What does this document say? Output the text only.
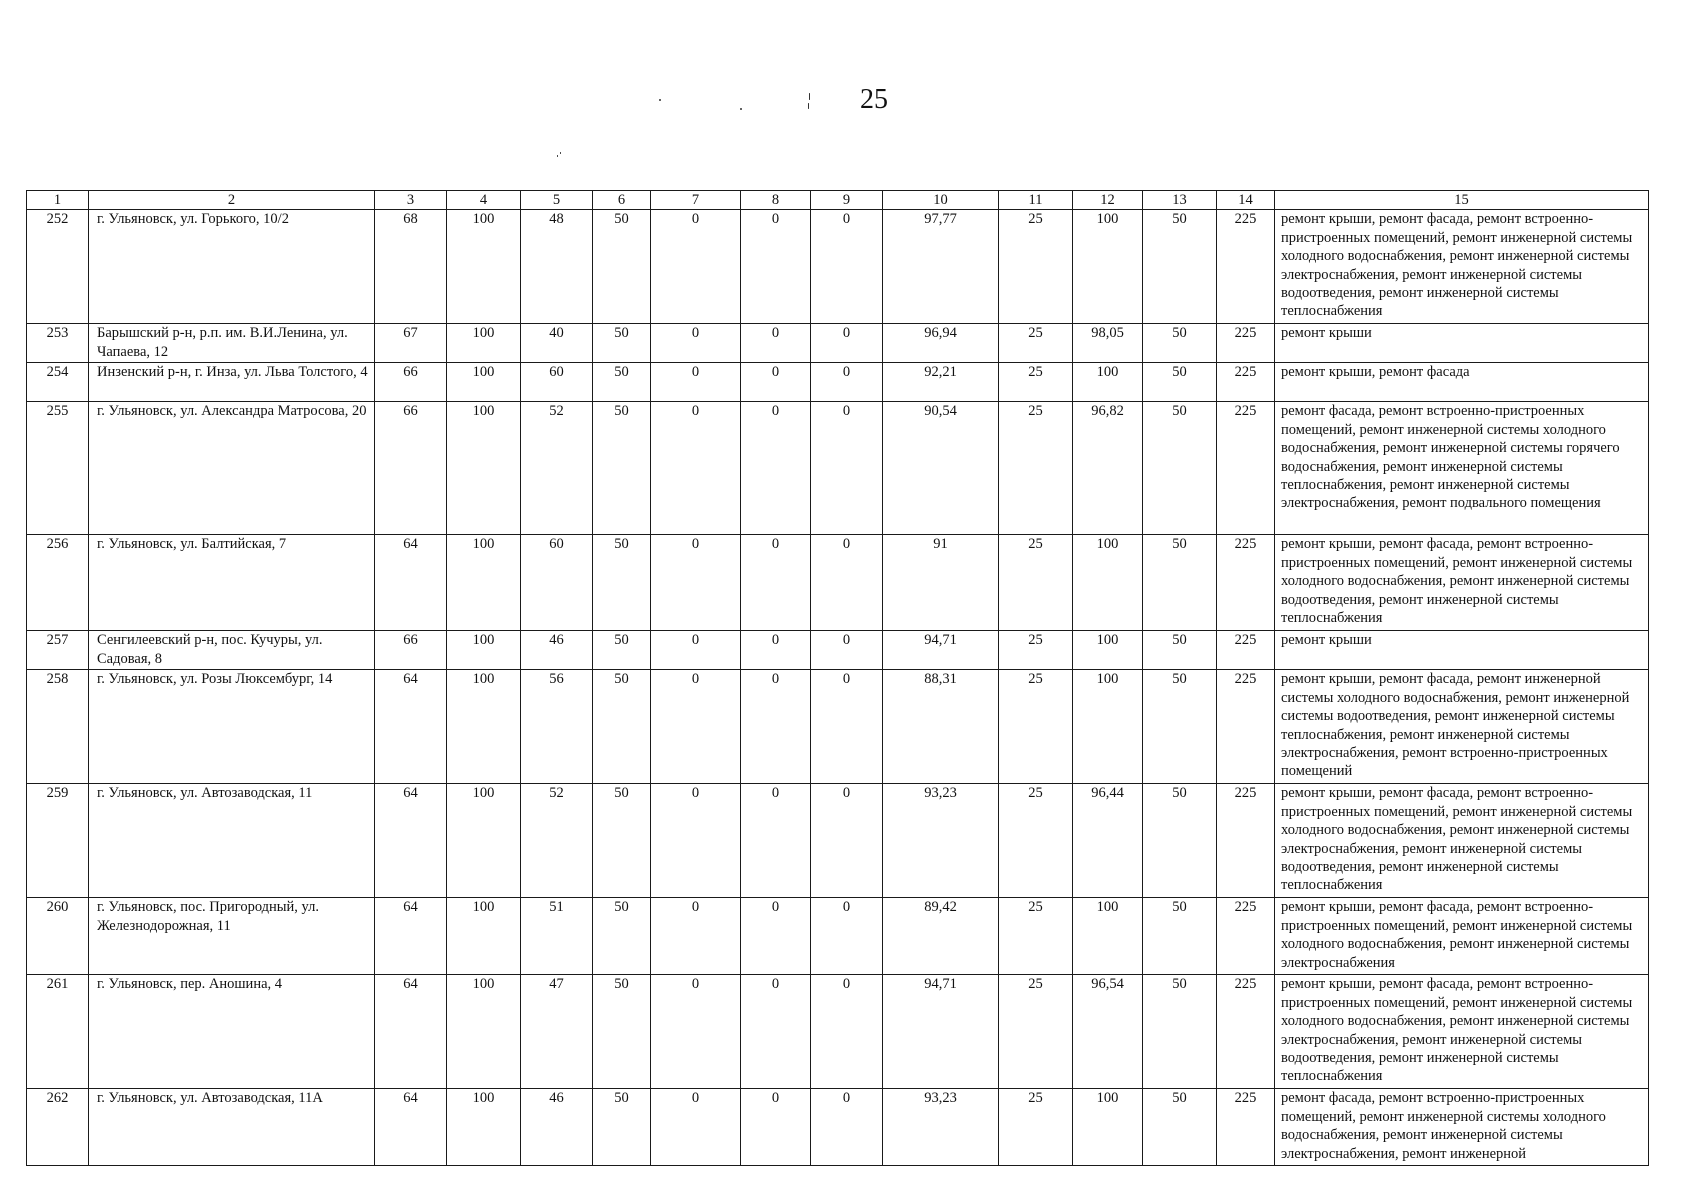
25
1	2	3	4	5	6	7	8	9	10	11	12	13	14	15
252	г. Ульяновск, ул. Горького, 10/2	68	100	48	50	0	0	0	97,77	25	100	50	225	ремонт крыши, ремонт фасада, ремонт встроенно-пристроенных помещений, ремонт инженерной системы холодного водоснабжения, ремонт инженерной системы электроснабжения, ремонт инженерной системы водоотведения, ремонт инженерной системы теплоснабжения
253	Барышский р-н, р.п. им. В.И.Ленина, ул. Чапаева, 12	67	100	40	50	0	0	0	96,94	25	98,05	50	225	ремонт крыши
254	Инзенский р-н, г. Инза, ул. Льва Толстого, 4	66	100	60	50	0	0	0	92,21	25	100	50	225	ремонт крыши, ремонт фасада
255	г. Ульяновск, ул. Александра Матросова, 20	66	100	52	50	0	0	0	90,54	25	96,82	50	225	ремонт фасада, ремонт встроенно-пристроенных помещений, ремонт инженерной системы холодного водоснабжения, ремонт инженерной системы горячего водоснабжения, ремонт инженерной системы теплоснабжения, ремонт инженерной системы электроснабжения, ремонт подвального помещения
256	г. Ульяновск, ул. Балтийская, 7	64	100	60	50	0	0	0	91	25	100	50	225	ремонт крыши, ремонт фасада, ремонт встроенно-пристроенных помещений, ремонт инженерной системы холодного водоснабжения, ремонт инженерной системы водоотведения, ремонт инженерной системы теплоснабжения
257	Сенгилеевский р-н, пос. Кучуры, ул. Садовая, 8	66	100	46	50	0	0	0	94,71	25	100	50	225	ремонт крыши
258	г. Ульяновск, ул. Розы Люксембург, 14	64	100	56	50	0	0	0	88,31	25	100	50	225	ремонт крыши, ремонт фасада, ремонт инженерной системы холодного водоснабжения, ремонт инженерной системы водоотведения, ремонт инженерной системы теплоснабжения, ремонт инженерной системы электроснабжения, ремонт встроенно-пристроенных помещений
259	г. Ульяновск, ул. Автозаводская, 11	64	100	52	50	0	0	0	93,23	25	96,44	50	225	ремонт крыши, ремонт фасада, ремонт встроенно-пристроенных помещений, ремонт инженерной системы холодного водоснабжения, ремонт инженерной системы электроснабжения, ремонт инженерной системы водоотведения, ремонт инженерной системы теплоснабжения
260	г. Ульяновск, пос. Пригородный, ул. Железнодорожная, 11	64	100	51	50	0	0	0	89,42	25	100	50	225	ремонт крыши, ремонт фасада, ремонт встроенно-пристроенных помещений, ремонт инженерной системы холодного водоснабжения, ремонт инженерной системы электроснабжения
261	г. Ульяновск, пер. Аношина, 4	64	100	47	50	0	0	0	94,71	25	96,54	50	225	ремонт крыши, ремонт фасада, ремонт встроенно-пристроенных помещений, ремонт инженерной системы холодного водоснабжения, ремонт инженерной системы электроснабжения, ремонт инженерной системы водоотведения, ремонт инженерной системы теплоснабжения
262	г. Ульяновск, ул. Автозаводская, 11А	64	100	46	50	0	0	0	93,23	25	100	50	225	ремонт фасада, ремонт встроенно-пристроенных помещений, ремонт инженерной системы холодного водоснабжения, ремонт инженерной системы электроснабжения, ремонт инженерной
